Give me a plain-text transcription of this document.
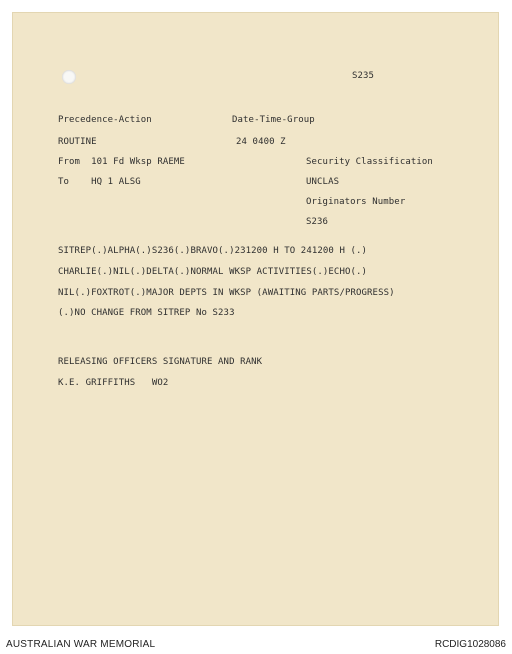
S235
Precedence-Action	Date-Time-Group
ROUTINE	24 0400 Z
From  101 Fd Wksp RAEME	Security Classification
To    HQ 1 ALSG	UNCLAS
Originators Number
S236
SITREP(.)ALPHA(.)S236(.)BRAVO(.)231200 H TO 241200 H (.)
CHARLIE(.)NIL(.)DELTA(.)NORMAL WKSP ACTIVITIES(.)ECHO(.)
NIL(.)FOXTROT(.)MAJOR DEPTS IN WKSP (AWAITING PARTS/PROGRESS)
(.)NO CHANGE FROM SITREP No S233
RELEASING OFFICERS SIGNATURE AND RANK
K.E. GRIFFITHS   WO2
AUSTRALIAN WAR MEMORIAL	RCDIG1028086
